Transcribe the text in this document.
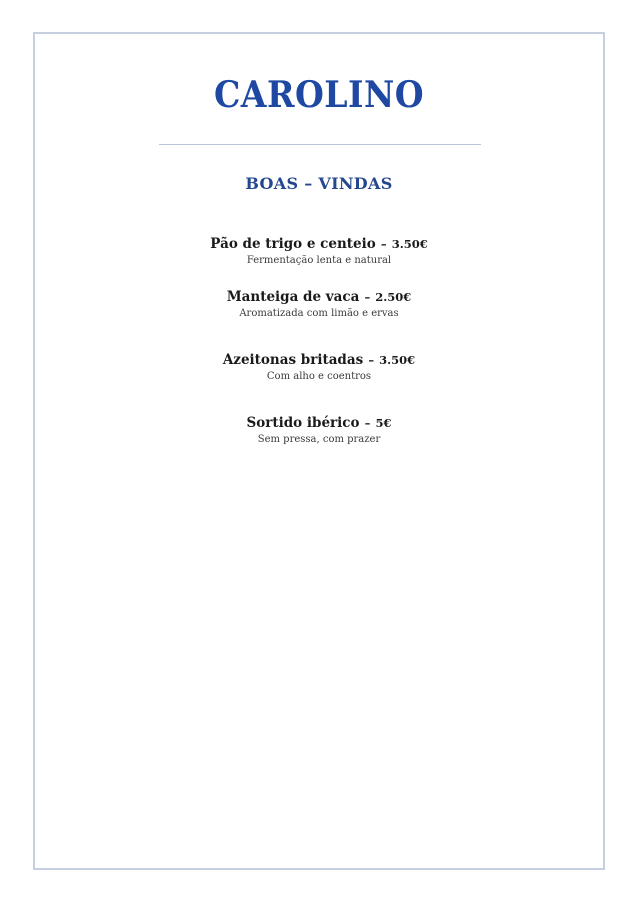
CAROLINO
BOAS – VINDAS
Pão de trigo e centeio – 3.50€
Fermentação lenta e natural
Manteiga de vaca – 2.50€
Aromatizada com limão e ervas
Azeitonas britadas – 3.50€
Com alho e coentros
Sortido ibérico – 5€
Sem pressa, com prazer
